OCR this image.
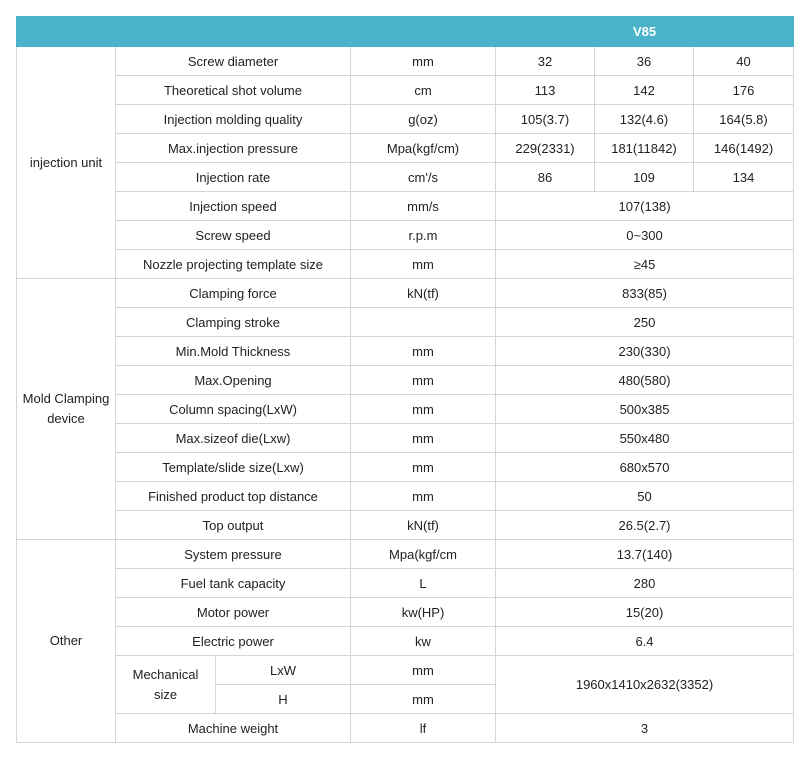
				V85		
injection unit	Screw diameter		mm	32	36	40
	Theoretical shot volume		cm	113	142	176
	Injection molding quality		g(oz)	105(3.7)	132(4.6)	164(5.8)
	Max.injection pressure		Mpa(kgf/cm)	229(2331)	181(11842)	146(1492)
	Injection rate		cm'/s	86	109	134
	Injection speed		mm/s	107(138)		
	Screw speed		r.p.m	0~300		
	Nozzle projecting template size		mm	≥45		
Mold Clamping device	Clamping force		kN(tf)	833(85)		
	Clamping stroke			250		
	Min.Mold Thickness		mm	230(330)		
	Max.Opening		mm	480(580)		
	Column spacing(LxW)		mm	500x385		
	Max.sizeof die(Lxw)		mm	550x480		
	Template/slide size(Lxw)		mm	680x570		
	Finished product top distance		mm	50		
	Top output		kN(tf)	26.5(2.7)		
Other	System pressure		Mpa(kgf/cm	13.7(140)		
	Fuel tank capacity		L	280		
	Motor power		kw(HP)	15(20)		
	Electric power		kw	6.4		
	Mechanical size	LxW	mm	1960x1410x2632(3352)		
		H	mm			
	Machine weight		lf	3		
